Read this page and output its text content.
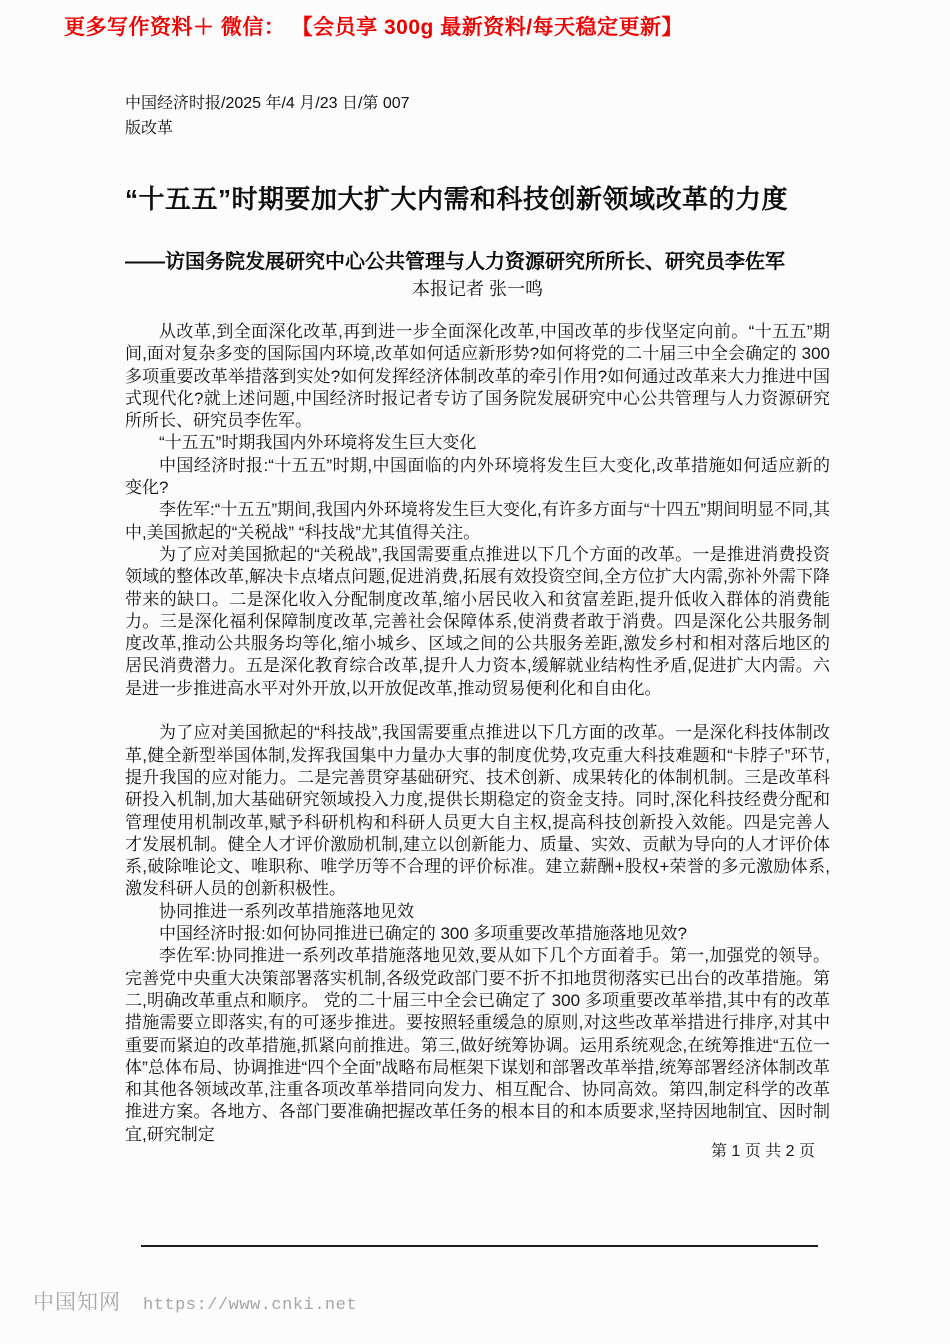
更多写作资料＋ 微信： 【会员享 300g 最新资料/每天稳定更新】
中国经济时报/2025 年/4 月/23 日/第 007
版改革
“十五五”时期要加大扩大内需和科技创新领域改革的力度
——访国务院发展研究中心公共管理与人力资源研究所所长、研究员李佐军
本报记者 张一鸣

从改革,到全面深化改革,再到进一步全面深化改革,中国改革的步伐坚定向前。“十五五”期间,面对复杂多变的国际国内环境,改革如何适应新形势?如何将党的二十届三中全会确定的 300 多项重要改革举措落到实处?如何发挥经济体制改革的牵引作用?如何通过改革来大力推进中国式现代化?就上述问题,中国经济时报记者专访了国务院发展研究中心公共管理与人力资源研究所所长、研究员李佐军。

“十五五”时期我国内外环境将发生巨大变化

中国经济时报:“十五五”时期,中国面临的内外环境将发生巨大变化,改革措施如何适应新的变化?

李佐军:“十五五”期间,我国内外环境将发生巨大变化,有许多方面与“十四五”期间明显不同,其中,美国掀起的“关税战” “科技战”尤其值得关注。

为了应对美国掀起的“关税战”,我国需要重点推进以下几个方面的改革。一是推进消费投资领域的整体改革,解决卡点堵点问题,促进消费,拓展有效投资空间,全方位扩大内需,弥补外需下降带来的缺口。二是深化收入分配制度改革,缩小居民收入和贫富差距,提升低收入群体的消费能力。三是深化福利保障制度改革,完善社会保障体系,使消费者敢于消费。四是深化公共服务制度改革,推动公共服务均等化,缩小城乡、区域之间的公共服务差距,激发乡村和相对落后地区的居民消费潜力。五是深化教育综合改革,提升人力资本,缓解就业结构性矛盾,促进扩大内需。六是进一步推进高水平对外开放,以开放促改革,推动贸易便利化和自由化。

为了应对美国掀起的“科技战”,我国需要重点推进以下几方面的改革。一是深化科技体制改革,健全新型举国体制,发挥我国集中力量办大事的制度优势,攻克重大科技难题和“卡脖子”环节,提升我国的应对能力。二是完善贯穿基础研究、技术创新、成果转化的体制机制。三是改革科研投入机制,加大基础研究领域投入力度,提供长期稳定的资金支持。同时,深化科技经费分配和管理使用机制改革,赋予科研机构和科研人员更大自主权,提高科技创新投入效能。四是完善人才发展机制。健全人才评价激励机制,建立以创新能力、质量、实效、贡献为导向的人才评价体系,破除唯论文、唯职称、唯学历等不合理的评价标准。建立薪酬+股权+荣誉的多元激励体系,激发科研人员的创新积极性。

协同推进一系列改革措施落地见效

中国经济时报:如何协同推进已确定的 300 多项重要改革措施落地见效?

李佐军:协同推进一系列改革措施落地见效,要从如下几个方面着手。第一,加强党的领导。完善党中央重大决策部署落实机制,各级党政部门要不折不扣地贯彻落实已出台的改革措施。第二,明确改革重点和顺序。 党的二十届三中全会已确定了 300 多项重要改革举措,其中有的改革措施需要立即落实,有的可逐步推进。要按照轻重缓急的原则,对这些改革举措进行排序,对其中重要而紧迫的改革措施,抓紧向前推进。第三,做好统筹协调。运用系统观念,在统筹推进“五位一体”总体布局、协调推进“四个全面”战略布局框架下谋划和部署改革举措,统筹部署经济体制改革和其他各领域改革,注重各项改革举措同向发力、相互配合、协同高效。第四,制定科学的改革推进方案。各地方、各部门要准确把握改革任务的根本目的和本质要求,坚持因地制宜、因时制宜,研究制定

第 1 页 共 2 页
中国知网 https://www.cnki.net
